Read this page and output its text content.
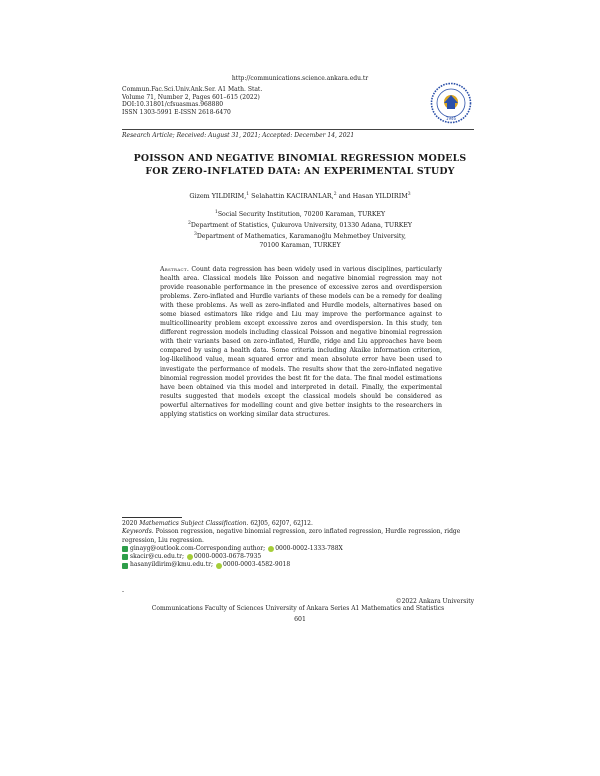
http://communications.science.ankara.edu.tr
Commun.Fac.Sci.Univ.Ank.Ser. A1 Math. Stat.
Volume 71, Number 2, Pages 601–615 (2022)
DOI:10.31801/cfsuasmas.968880
ISSN 1303-5991 E-ISSN 2618-6470
1946
Research Article; Received: August 31, 2021; Accepted: December 14, 2021
POISSON AND NEGATIVE BINOMIAL REGRESSION MODELS
FOR ZERO-INFLATED DATA: AN EXPERIMENTAL STUDY
Gizem YILDIRIM,$^1$ Selahattin KACIRANLAR,$^2$ and Hasan YILDIRIM$^3$
$^1$Social Security Institution, 70200 Karaman, TURKEY
$^2$Department of Statistics, Çukurova University, 01330 Adana, TURKEY
$^3$Department of Mathematics, Karamanoğlu Mehmetbey University,
70100 Karaman, TURKEY
Abstract. Count data regression has been widely used in various disciplines, particularly health area. Classical models like Poisson and negative binomial regression may not provide reasonable performance in the presence of excessive zeros and overdispersion problems. Zero-inflated and Hurdle variants of these models can be a remedy for dealing with these problems. As well as zero-inflated and Hurdle models, alternatives based on some biased estimators like ridge and Liu may improve the performance against to multicollinearity problem except excessive zeros and overdispersion. In this study, ten different regression models including classical Poisson and negative binomial regression with their variants based on zero-inflated, Hurdle, ridge and Liu approaches have been compared by using a health data. Some criteria including Akaike information criterion, log-likelihood value, mean squared error and mean absolute error have been used to investigate the performance of models. The results show that the zero-inflated negative binomial regression model provides the best fit for the data. The final model estimations have been obtained via this model and interpreted in detail. Finally, the experimental results suggested that models except the classical models should be considered as powerful alternatives for modelling count and give better insights to the researchers in applying statistics on working similar data structures.
2020 Mathematics Subject Classification. 62J05, 62J07, 62J12.
Keywords. Poisson regression, negative binomial regression, zero inflated regression, Hurdle regression, ridge regression, Liu regression.
ginayg@outlook.com-Corresponding author; 0000-0002-1333-788X
skacir@cu.edu.tr; 0000-0003-0678-7935
hasanyildirim@kmu.edu.tr; 0000-0003-4582-9018
-
©2022 Ankara University
Communications Faculty of Sciences University of Ankara Series A1 Mathematics and Statistics
601
